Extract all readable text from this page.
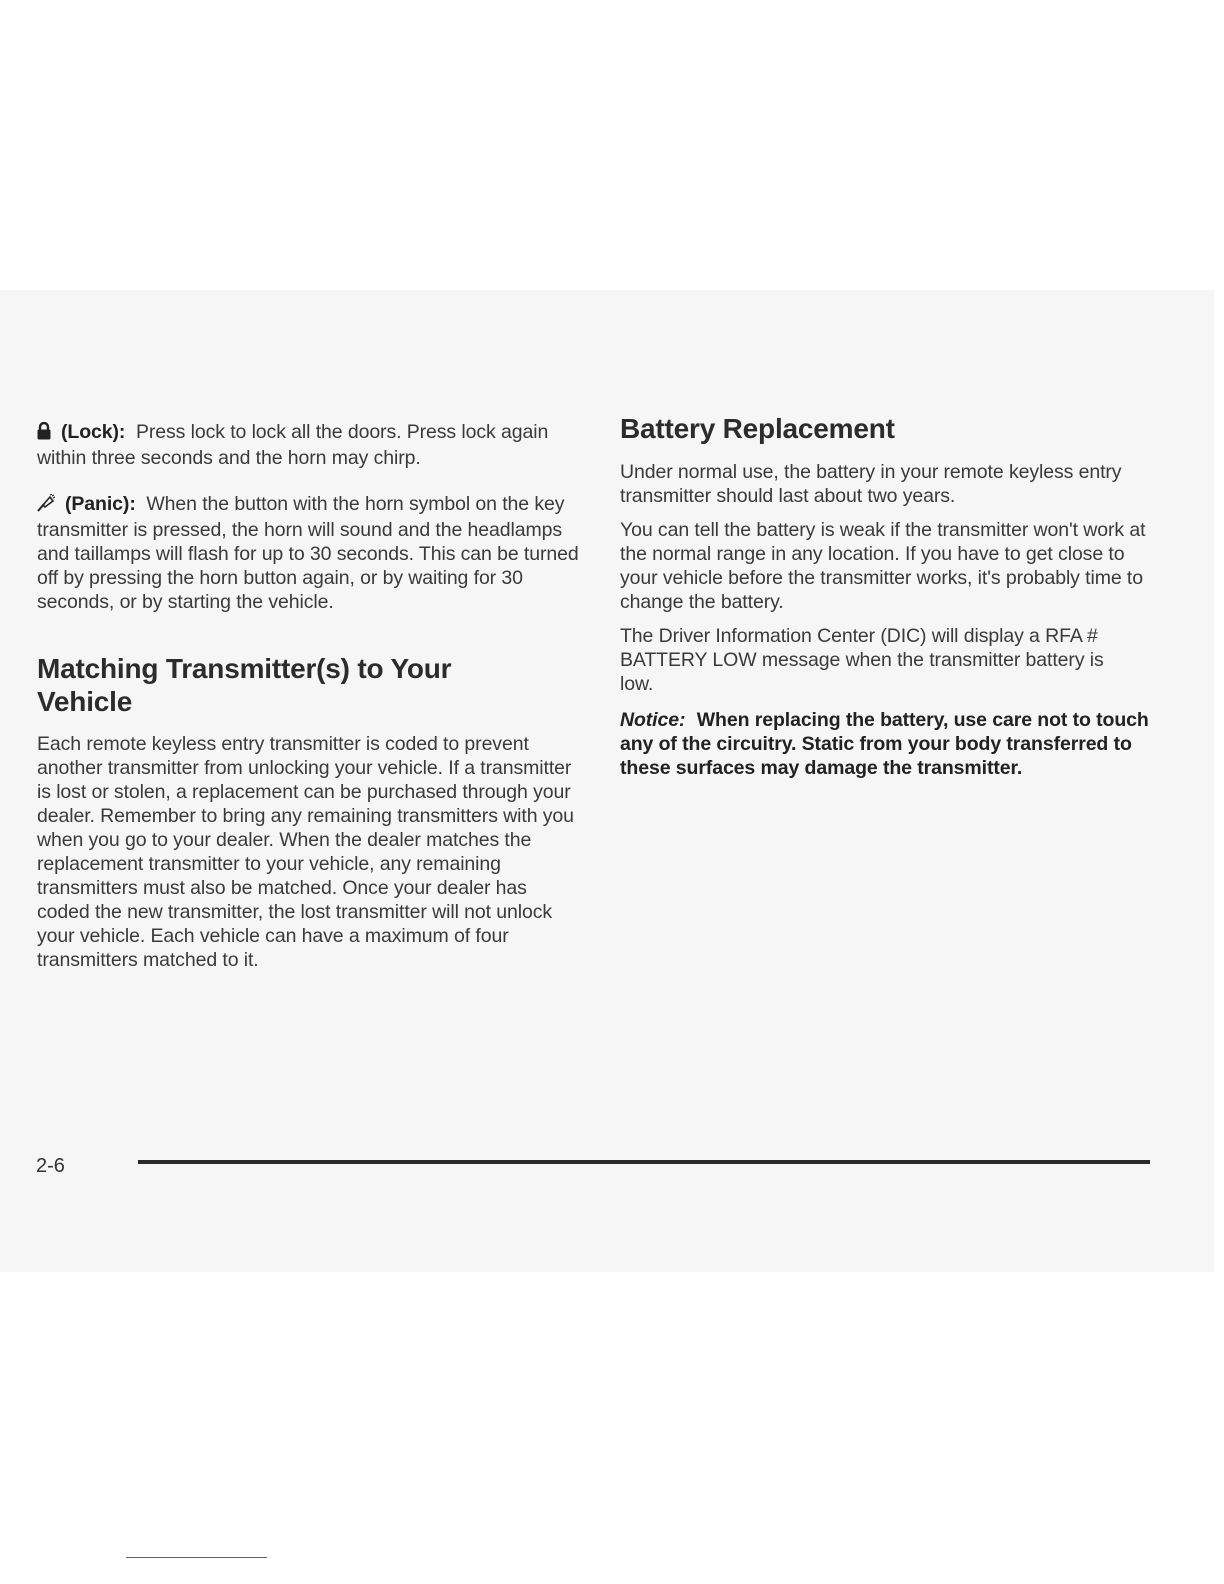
(Lock): Press lock to lock all the doors. Press lock again within three seconds and the horn may chirp.

(Panic): When the button with the horn symbol on the key transmitter is pressed, the horn will sound and the headlamps and taillamps will flash for up to 30 seconds. This can be turned off by pressing the horn button again, or by waiting for 30 seconds, or by starting the vehicle.

Matching Transmitter(s) to Your Vehicle

Each remote keyless entry transmitter is coded to prevent another transmitter from unlocking your vehicle. If a transmitter is lost or stolen, a replacement can be purchased through your dealer. Remember to bring any remaining transmitters with you when you go to your dealer. When the dealer matches the replacement transmitter to your vehicle, any remaining transmitters must also be matched. Once your dealer has coded the new transmitter, the lost transmitter will not unlock your vehicle. Each vehicle can have a maximum of four transmitters matched to it.

Battery Replacement

Under normal use, the battery in your remote keyless entry transmitter should last about two years.

You can tell the battery is weak if the transmitter won't work at the normal range in any location. If you have to get close to your vehicle before the transmitter works, it's probably time to change the battery.

The Driver Information Center (DIC) will display a RFA # BATTERY LOW message when the transmitter battery is low.

Notice: When replacing the battery, use care not to touch any of the circuitry. Static from your body transferred to these surfaces may damage the transmitter.

2-6
